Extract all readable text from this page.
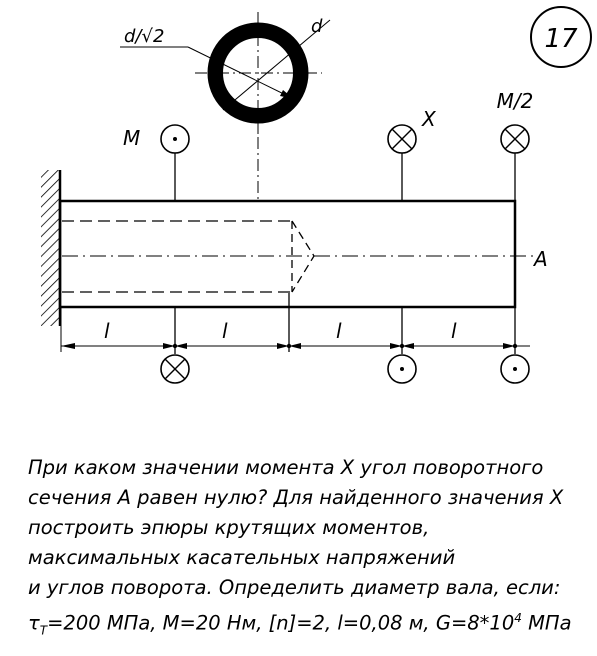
17
d/√2	d
A
M
X
M/2
l	l	l	l
При каком значении момента X угол поворотного
сечения A равен нулю? Для найденного значения X
построить эпюры крутящих моментов,
максимальных касательных напряжений
и углов поворота. Определить диаметр вала, если:
$\tau_T=200$ МПа, M=20 Нм, [n]=2, l=0,08 м, $G=8*10^4$ МПа
